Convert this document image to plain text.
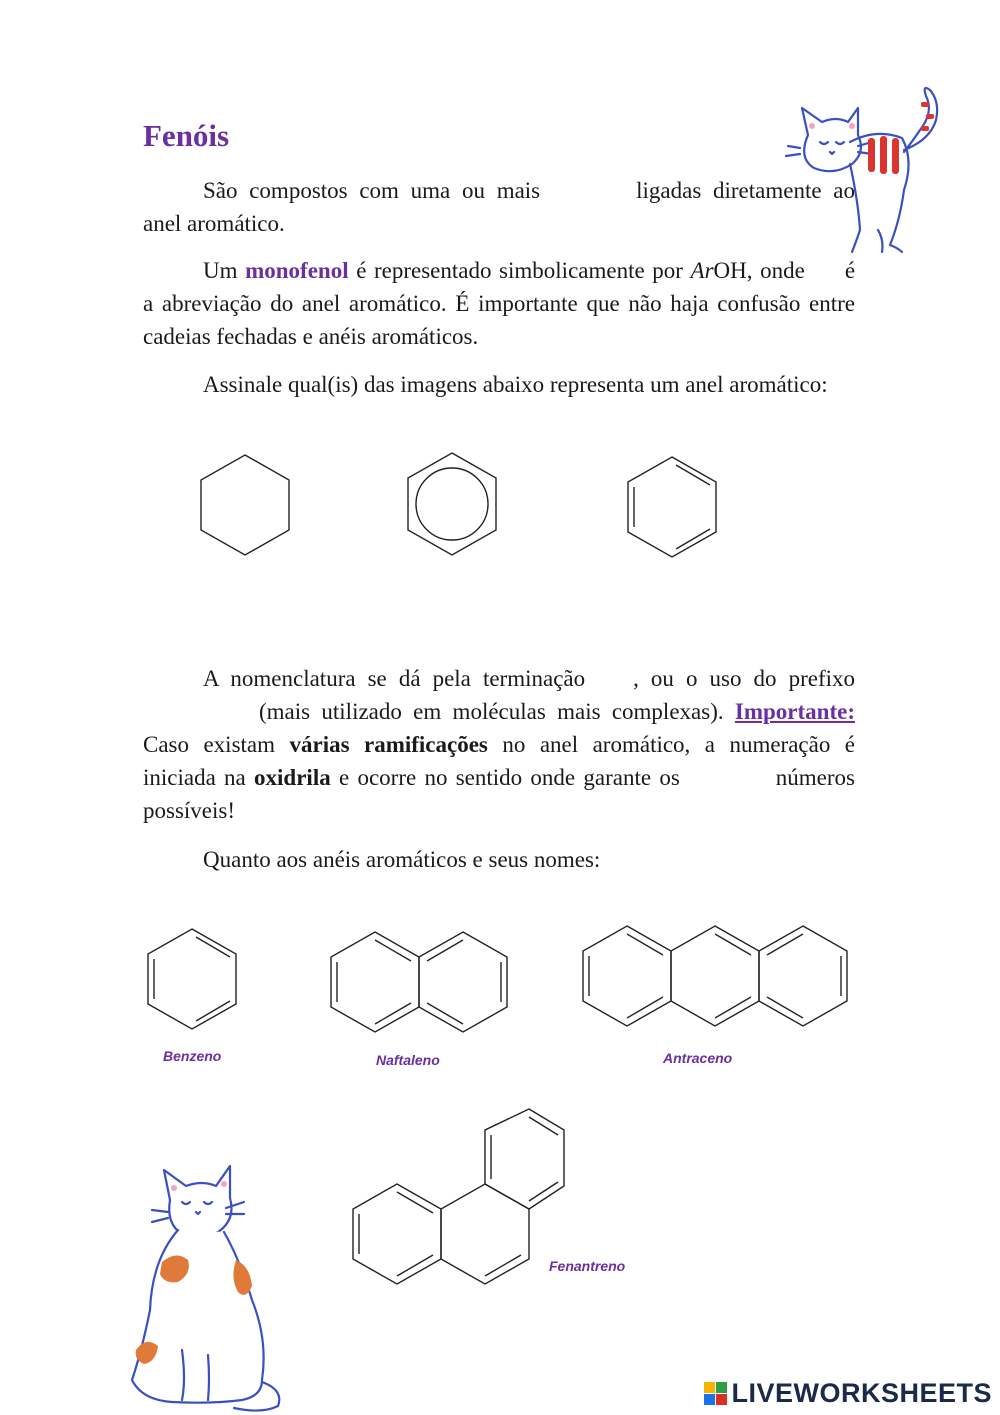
Fenóis

São compostos com uma ou mais	ligadas diretamente ao anel aromático.

Um monofenol é representado simbolicamente por ArOH, onde é a abreviação do anel aromático. É importante que não haja confusão entre cadeias fechadas e anéis aromáticos.

Assinale qual(is) das imagens abaixo representa um anel aromático:

A nomenclatura se dá pela terminação , ou o uso do prefixo(mais utilizado em moléculas mais complexas). Importante: Caso existam várias ramificações no anel aromático, a numeração é iniciada na oxidrila e ocorre no sentido onde garante os	números possíveis!

Quanto aos anéis aromáticos e seus nomes:

Benzeno	Naftaleno	Antraceno
Fenantreno
LIVEWORKSHEETS
